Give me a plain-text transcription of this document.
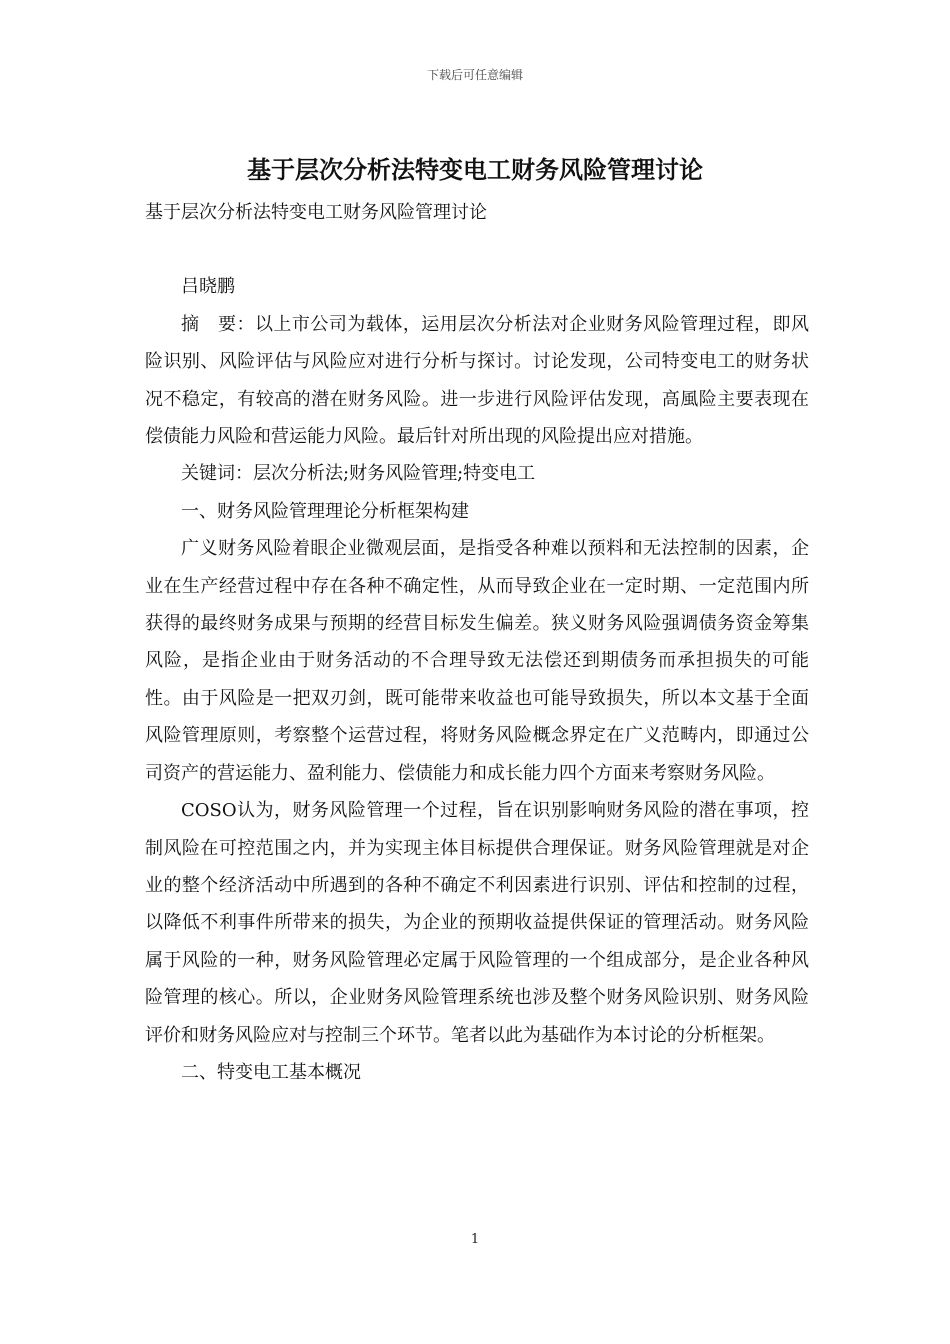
下载后可任意编辑
基于层次分析法特变电工财务风险管理讨论

基于层次分析法特变电工财务风险管理讨论

吕晓鹏

摘　要：以上市公司为载体，运用层次分析法对企业财务风险管理过程，即风险识别、风险评估与风险应对进行分析与探讨。讨论发现，公司特变电工的财务状况不稳定，有较高的潜在财务风险。进一步进行风险评估发现，高風险主要表现在偿债能力风险和营运能力风险。最后针对所出现的风险提出应对措施。

关键词：层次分析法;财务风险管理;特变电工

一、财务风险管理理论分析框架构建

广义财务风险着眼企业微观层面，是指受各种难以预料和无法控制的因素，企业在生产经营过程中存在各种不确定性，从而导致企业在一定时期、一定范围内所获得的最终财务成果与预期的经营目标发生偏差。狭义财务风险强调债务资金筹集风险，是指企业由于财务活动的不合理导致无法偿还到期债务而承担损失的可能性。由于风险是一把双刃剑，既可能带来收益也可能导致损失，所以本文基于全面风险管理原则，考察整个运营过程，将财务风险概念界定在广义范畴内，即通过公司资产的营运能力、盈利能力、偿债能力和成长能力四个方面来考察财务风险。

COSO认为，财务风险管理一个过程，旨在识别影响财务风险的潜在事项，控制风险在可控范围之内，并为实现主体目标提供合理保证。财务风险管理就是对企业的整个经济活动中所遇到的各种不确定不利因素进行识别、评估和控制的过程，以降低不利事件所带来的损失，为企业的预期收益提供保证的管理活动。财务风险属于风险的一种，财务风险管理必定属于风险管理的一个组成部分，是企业各种风险管理的核心。所以，企业财务风险管理系统也涉及整个财务风险识别、财务风险评价和财务风险应对与控制三个环节。笔者以此为基础作为本讨论的分析框架。

二、特变电工基本概况

1
